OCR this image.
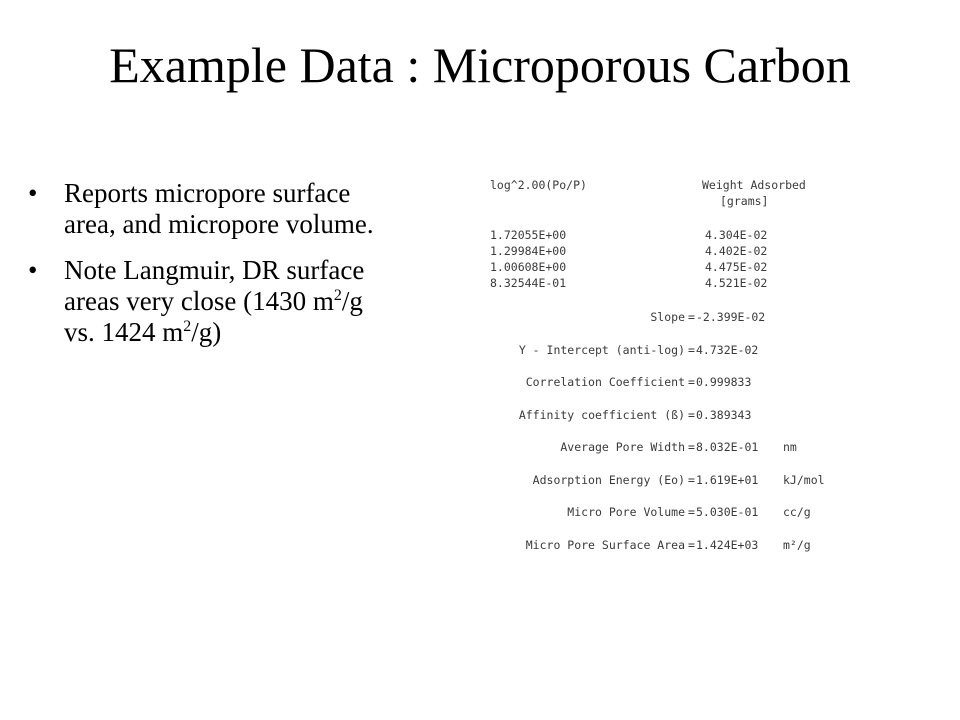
Example Data : Microporous Carbon
• Reports micropore surface area, and micropore volume.
• Note Langmuir, DR surface areas very close (1430 $m^2/g$ vs. 1424 $m^2/g$)
log^2.00(Po/P)	Weight Adsorbed
[grams]
1.72055E+00	4.304E-02
1.29984E+00	4.402E-02
1.00608E+00	4.475E-02
8.32544E-01	4.521E-02
Slope = -2.399E-02
Y - Intercept (anti-log) = 4.732E-02
Correlation Coefficient = 0.999833
Affinity coefficient (ß) = 0.389343
Average Pore Width = 8.032E-01 nm
Adsorption Energy (Eo) = 1.619E+01 kJ/mol
Micro Pore Volume = 5.030E-01 cc/g
Micro Pore Surface Area = 1.424E+03 m²/g
